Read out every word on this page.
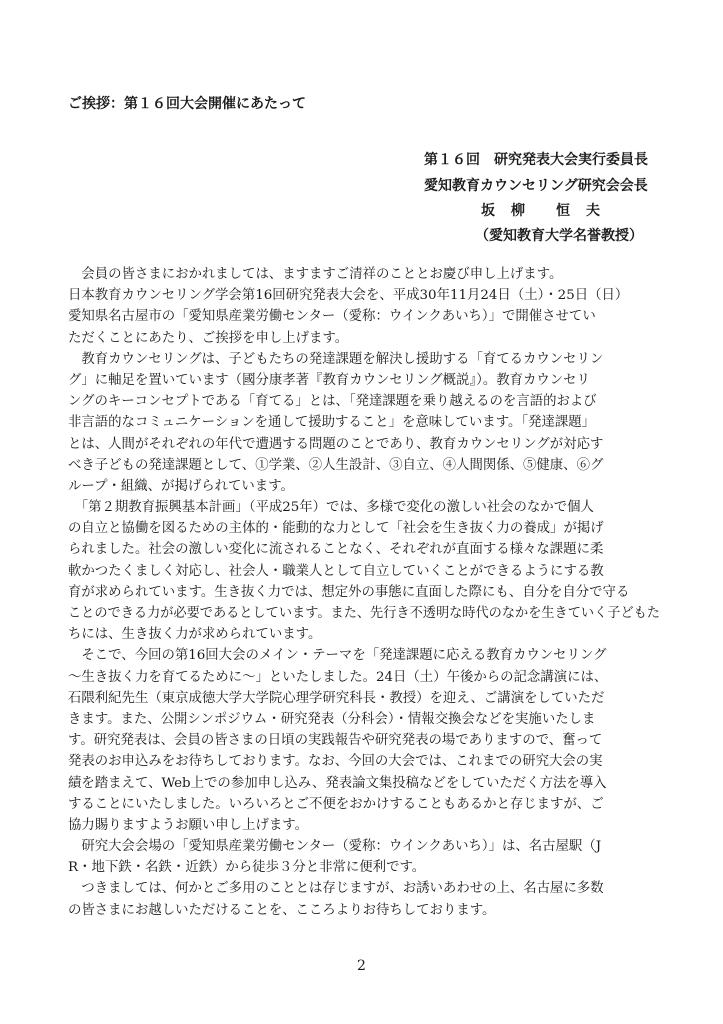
ご挨拶：第１６回大会開催にあたって
第１６回　研究発表大会実行委員長
愛知教育カウンセリング研究会会長
坂　柳　　恒　夫
（愛知教育大学名誉教授）
　会員の皆さまにおかれましては、ますますご清祥のこととお慶び申し上げます。
日本教育カウンセリング学会第16回研究発表大会を、平成30年11月24日（土）・25日（日）
愛知県名古屋市の「愛知県産業労働センター（愛称：ウインクあいち）」で開催させてい
ただくことにあたり、ご挨拶を申し上げます。
　教育カウンセリングは、子どもたちの発達課題を解決し援助する「育てるカウンセリン
グ」に軸足を置いています（國分康孝著『教育カウンセリング概説』）。教育カウンセリ
ングのキーコンセプトである「育てる」とは、「発達課題を乗り越えるのを言語的および
非言語的なコミュニケーションを通して援助すること」を意味しています。「発達課題」
とは、人間がそれぞれの年代で遭遇する問題のことであり、教育カウンセリングが対応す
べき子どもの発達課題として、①学業、②人生設計、③自立、④人間関係、⑤健康、⑥グ
ループ・組織、が掲げられています。
　「第２期教育振興基本計画」（平成25年）では、多様で変化の激しい社会のなかで個人
の自立と協働を図るための主体的・能動的な力として「社会を生き抜く力の養成」が掲げ
られました。社会の激しい変化に流されることなく、それぞれが直面する様々な課題に柔
軟かつたくましく対応し、社会人・職業人として自立していくことができるようにする教
育が求められています。生き抜く力では、想定外の事態に直面した際にも、自分を自分で守る
ことのできる力が必要であるとしています。また、先行き不透明な時代のなかを生きていく子どもた
ちには、生き抜く力が求められています。
　そこで、今回の第16回大会のメイン・テーマを「発達課題に応える教育カウンセリング
～生き抜く力を育てるために～」といたしました。24日（土）午後からの記念講演には、
石隈利紀先生（東京成徳大学大学院心理学研究科長・教授）を迎え、ご講演をしていただ
きます。また、公開シンポジウム・研究発表（分科会）・情報交換会などを実施いたしま
す。研究発表は、会員の皆さまの日頃の実践報告や研究発表の場でありますので、奮って
発表のお申込みをお待ちしております。なお、今回の大会では、これまでの研究大会の実
績を踏まえて、Web上での参加申し込み、発表論文集投稿などをしていただく方法を導入
することにいたしました。いろいろとご不便をおかけすることもあるかと存じますが、ご
協力賜りますようお願い申し上げます。
　研究大会会場の「愛知県産業労働センター（愛称：ウインクあいち）」は、名古屋駅（J
R・地下鉄・名鉄・近鉄）から徒歩３分と非常に便利です。
　つきましては、何かとご多用のこととは存じますが、お誘いあわせの上、名古屋に多数
の皆さまにお越しいただけることを、こころよりお待ちしております。
2
